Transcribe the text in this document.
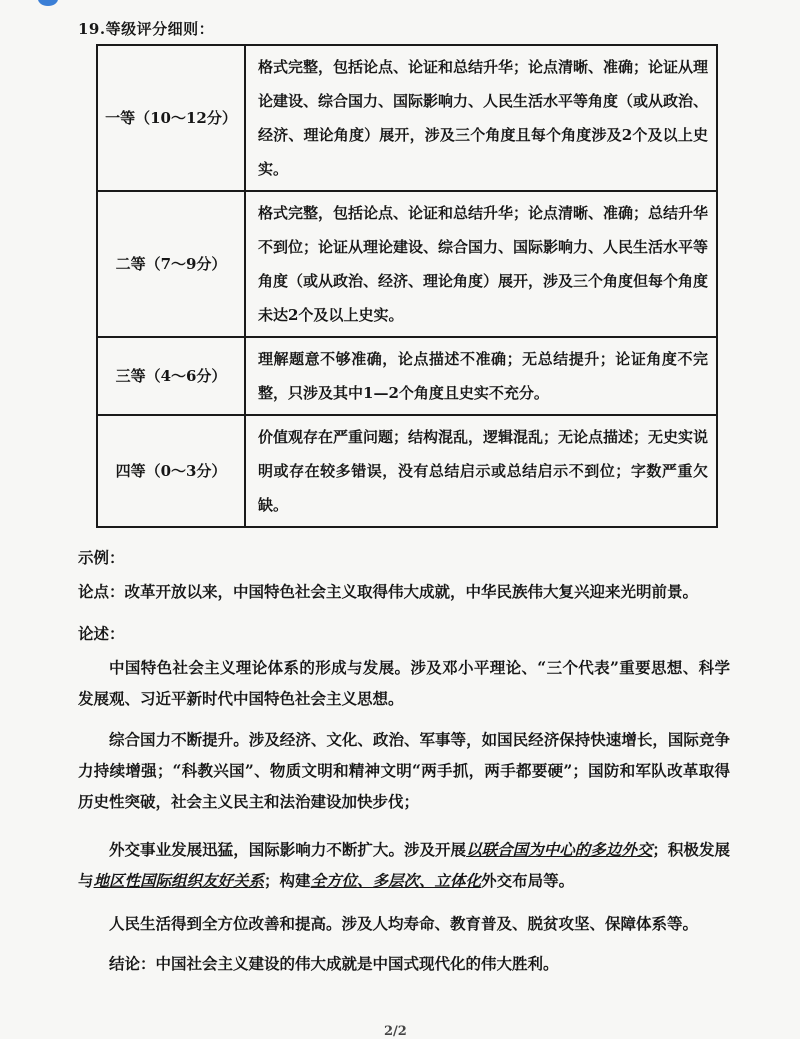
19.等级评分细则：
一等（10～12分）	格式完整，包括论点、论证和总结升华；论点清晰、准确；论证从理论建设、综合国力、国际影响力、人民生活水平等角度（或从政治、经济、理论角度）展开，涉及三个角度且每个角度涉及2个及以上史实。
二等（7～9分）	格式完整，包括论点、论证和总结升华；论点清晰、准确；总结升华不到位；论证从理论建设、综合国力、国际影响力、人民生活水平等角度（或从政治、经济、理论角度）展开，涉及三个角度但每个角度未达2个及以上史实。
三等（4～6分）	理解题意不够准确，论点描述不准确；无总结提升；论证角度不完整，只涉及其中1—2个角度且史实不充分。
四等（0～3分）	价值观存在严重问题；结构混乱，逻辑混乱；无论点描述；无史实说明或存在较多错误，没有总结启示或总结启示不到位；字数严重欠缺。
示例：
论点：改革开放以来，中国特色社会主义取得伟大成就，中华民族伟大复兴迎来光明前景。
论述：
中国特色社会主义理论体系的形成与发展。涉及邓小平理论、“三个代表”重要思想、科学发展观、习近平新时代中国特色社会主义思想。
综合国力不断提升。涉及经济、文化、政治、军事等，如国民经济保持快速增长，国际竞争力持续增强；“科教兴国”、物质文明和精神文明“两手抓，两手都要硬”；国防和军队改革取得历史性突破，社会主义民主和法治建设加快步伐；
外交事业发展迅猛，国际影响力不断扩大。涉及开展以联合国为中心的多边外交；积极发展与地区性国际组织友好关系；构建全方位、多层次、立体化外交布局等。
人民生活得到全方位改善和提高。涉及人均寿命、教育普及、脱贫攻坚、保障体系等。
结论：中国社会主义建设的伟大成就是中国式现代化的伟大胜利。
2/2
